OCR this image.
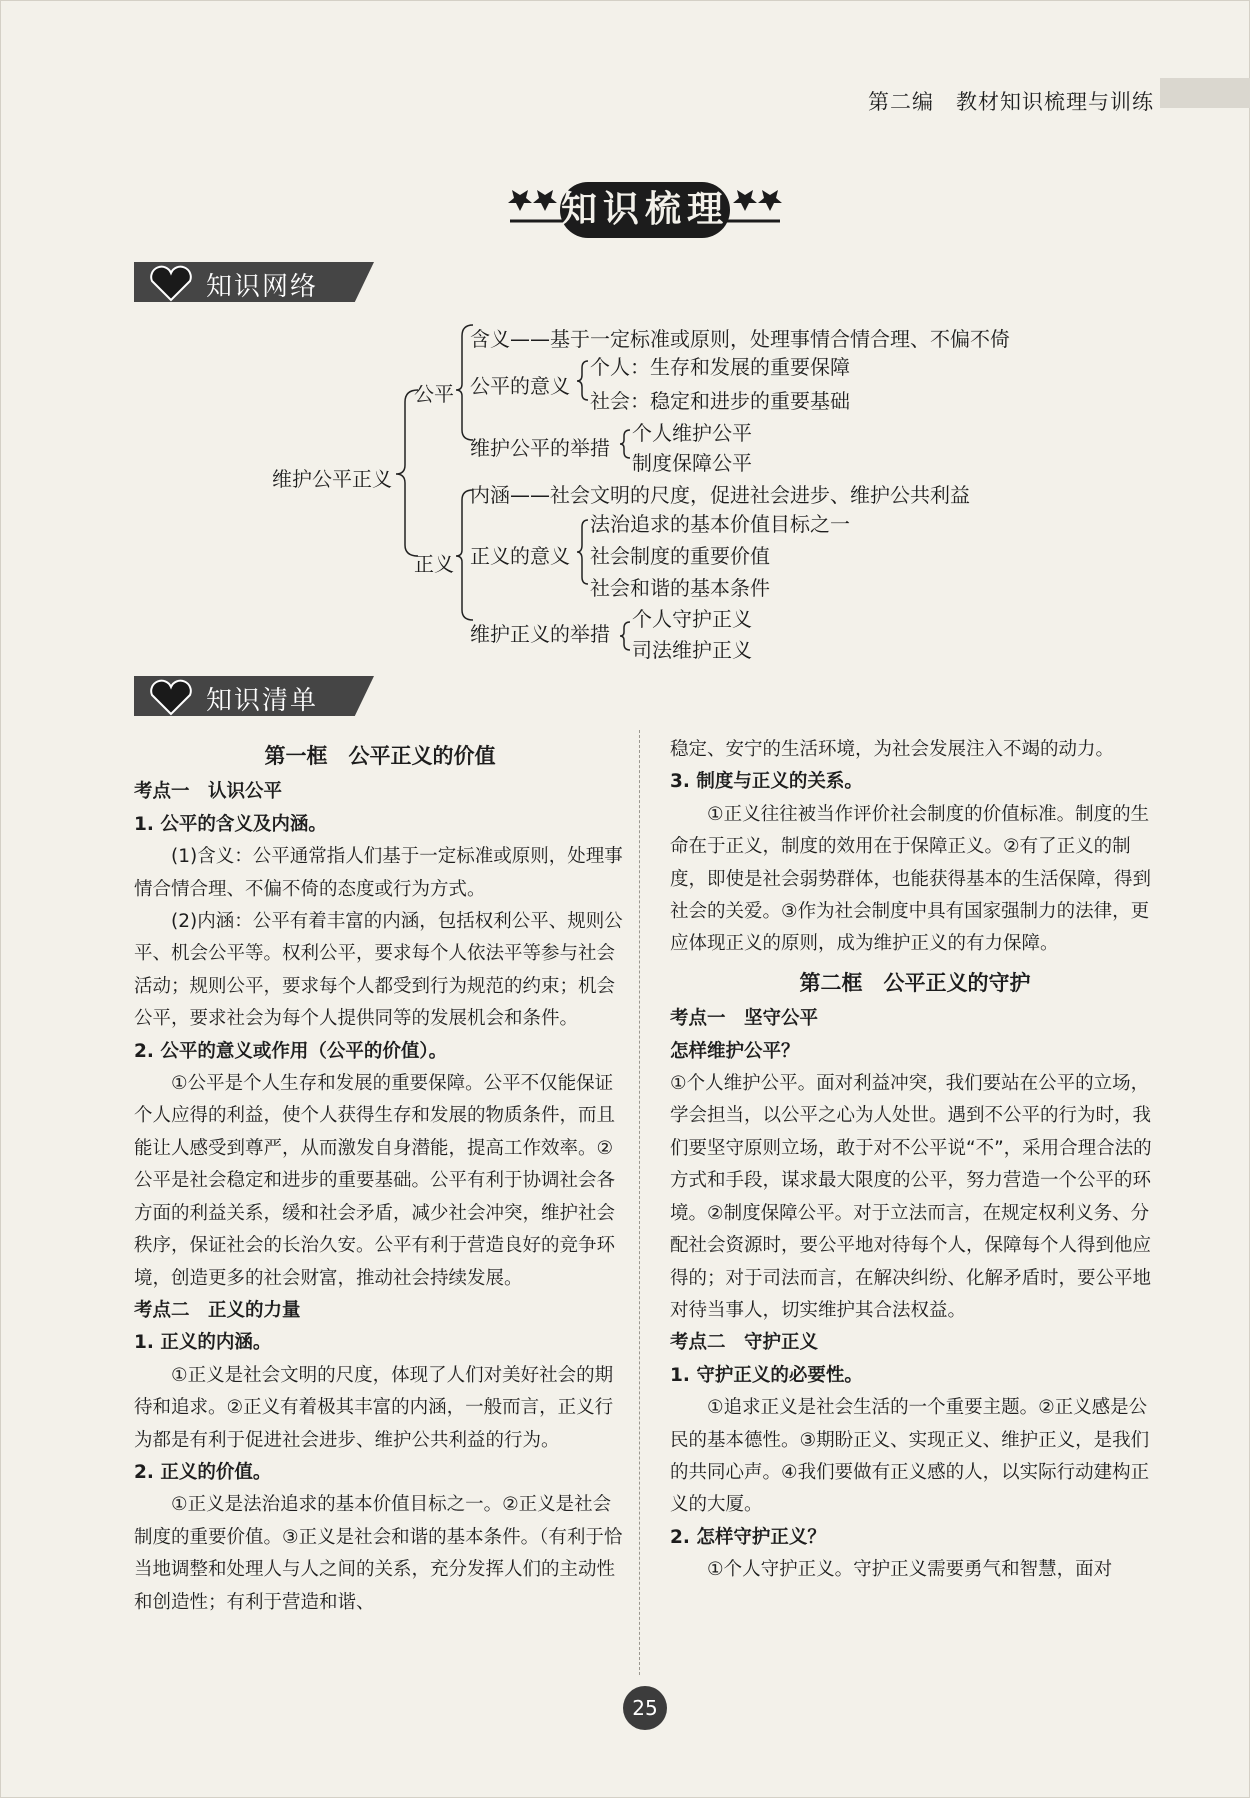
第二编　教材知识梳理与训练
知识梳理
知识网络
维护公平正义
公平
含义——基于一定标准或原则，处理事情合情合理、不偏不倚
公平的意义
个人：生存和发展的重要保障
社会：稳定和进步的重要基础
维护公平的举措
个人维护公平
制度保障公平
正义
内涵——社会文明的尺度，促进社会进步、维护公共利益
正义的意义
法治追求的基本价值目标之一
社会制度的重要价值
社会和谐的基本条件
维护正义的举措
个人守护正义
司法维护正义
知识清单
第一框　公平正义的价值

考点一　认识公平

1. 公平的含义及内涵。

(1)含义：公平通常指人们基于一定标准或原则，处理事情合情合理、不偏不倚的态度或行为方式。

(2)内涵：公平有着丰富的内涵，包括权利公平、规则公平、机会公平等。权利公平，要求每个人依法平等参与社会活动；规则公平，要求每个人都受到行为规范的约束；机会公平，要求社会为每个人提供同等的发展机会和条件。

2. 公平的意义或作用（公平的价值）。

①公平是个人生存和发展的重要保障。公平不仅能保证个人应得的利益，使个人获得生存和发展的物质条件，而且能让人感受到尊严，从而激发自身潜能，提高工作效率。②公平是社会稳定和进步的重要基础。公平有利于协调社会各方面的利益关系，缓和社会矛盾，减少社会冲突，维护社会秩序，保证社会的长治久安。公平有利于营造良好的竞争环境，创造更多的社会财富，推动社会持续发展。

考点二　正义的力量

1. 正义的内涵。

①正义是社会文明的尺度，体现了人们对美好社会的期待和追求。②正义有着极其丰富的内涵，一般而言，正义行为都是有利于促进社会进步、维护公共利益的行为。

2. 正义的价值。

①正义是法治追求的基本价值目标之一。②正义是社会制度的重要价值。③正义是社会和谐的基本条件。（有利于恰当地调整和处理人与人之间的关系，充分发挥人们的主动性和创造性；有利于营造和谐、

稳定、安宁的生活环境，为社会发展注入不竭的动力。

3. 制度与正义的关系。

①正义往往被当作评价社会制度的价值标准。制度的生命在于正义，制度的效用在于保障正义。②有了正义的制度，即使是社会弱势群体，也能获得基本的生活保障，得到社会的关爱。③作为社会制度中具有国家强制力的法律，更应体现正义的原则，成为维护正义的有力保障。

第二框　公平正义的守护

考点一　坚守公平

怎样维护公平？

①个人维护公平。面对利益冲突，我们要站在公平的立场，学会担当，以公平之心为人处世。遇到不公平的行为时，我们要坚守原则立场，敢于对不公平说“不”，采用合理合法的方式和手段，谋求最大限度的公平，努力营造一个公平的环境。②制度保障公平。对于立法而言，在规定权利义务、分配社会资源时，要公平地对待每个人，保障每个人得到他应得的；对于司法而言，在解决纠纷、化解矛盾时，要公平地对待当事人，切实维护其合法权益。

考点二　守护正义

1. 守护正义的必要性。

①追求正义是社会生活的一个重要主题。②正义感是公民的基本德性。③期盼正义、实现正义、维护正义，是我们的共同心声。④我们要做有正义感的人，以实际行动建构正义的大厦。

2. 怎样守护正义？

①个人守护正义。守护正义需要勇气和智慧，面对

25
